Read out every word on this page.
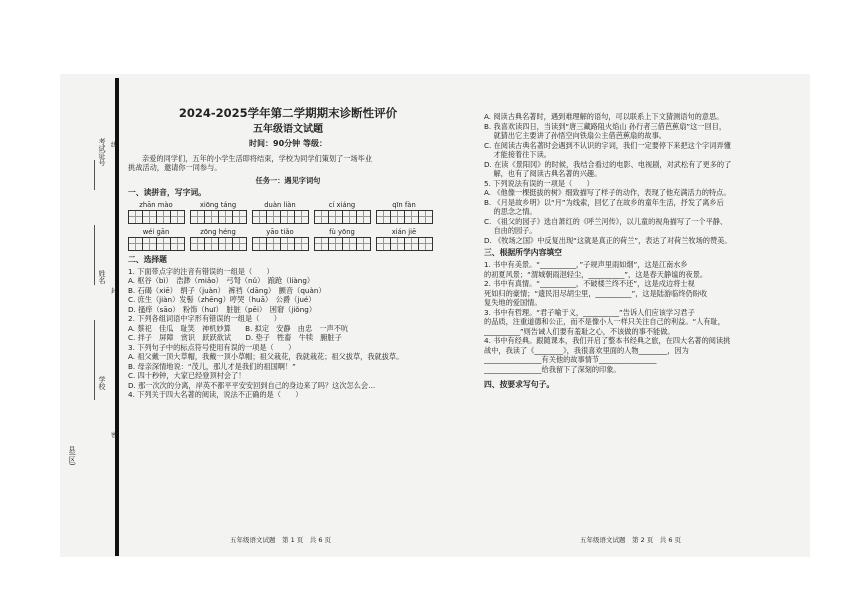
考试证号
姓名
学校
县(区)
线
封
密
2024-2025学年第二学期期末诊断性评价
五年级语文试题
时间：90分钟 等级：
亲爱的同学们，五年的小学生活即将结束，学校为同学们策划了一场毕业
挑战活动，邀请你一同参与。
任务一：遇见字词句
一、读拼音，写字词。
zhān mào	xiōng táng	duàn liàn	cí xiáng	qīn fàn
wéi gān	zōng héng	yāo tiǎo	fù yōng	xián jiē
二、选择题
1. 下面带点字的注音有错误的一组是（　　）
A. 枢谷（bì）　浩渺（miǎo）　弓弩（nǔ）　踉跄（liàng）
B. 石碣（xiē）　绢子（juàn）　裤裆（dāng）　颤音（quàn）
C. 庶生（jiàn）发髻（zhēng）哼哭（huā）　公爵（jué）
D. 搔痒（sāo）　粉饰（huī）　脏脏（pēi）　困窘（jiǒng）
2. 下列各组词语中字形有错误的一组是（　　）
A. 蔡祀　佳瓜　耻笑　神机妙算　　B. 拟定　安静　由忠　一声不吭
C. 拌子　屏障　赏识　跃跃欲试　　D. 垫子　牲畜　牛犊　腑脏子
3. 下列句子中的标点符号使用有误的一项是（　　）
A. 祖父戴一顶大草帽，我戴一顶小草帽；祖父栽花，我就栽花；祖父拔草，我就拔草。
B. 母亲深情地说：“茂儿，那儿才是我们的祖国啊！”
C. 四十秒钟，大家已经登顶村会了！
D. 那一次次的分离，岸英不都平平安安回到自己的身边来了吗？这次怎么会…
4. 下列关于四大名著的阅读，说法不正确的是（　　）
五年级语文试题　第 1 页　共 6 页
A. 阅读古典名著时，遇到难理解的语句，可以联系上下文猜测语句的意思。
B. 我喜欢读四日，当读到“唐三藏路阻火焰山 孙行者三借芭蕉扇”这一回目，
　 就猜出它主要讲了孙悟空向铁扇公主借芭蕉扇的故事。
C. 在阅读古典名著时会遇到不认识的字词，我们一定要停下来把这个字词弄懂
　 才能接着往下读。
D. 在读《景阳冈》的时候，我结合看过的电影、电视剧，对武松有了更多的了
　 解，也有了阅读古典名著的兴趣。
5. 下列说法有误的一项是（　　）
A. 《他像一棵挺拔的树》细致描写了样子的动作，表现了他充满活力的特点。
B. 《月是故乡明》以“月”为线索，回忆了在故乡的童年生活，抒发了离乡后
　 的思念之情。
C. 《祖父的园子》选自萧红的《呼兰河传》，以儿童的视角描写了一个平静、
　 自由的园子。
D. 《牧场之国》中反复出现“这就是真正的荷兰”，表达了对荷兰牧场的赞美。
三、根据所学内容填空
1. 书中有美景。“__________，”子规声里雨如烟”，这是江南水乡
的初夏风景；“渭城朝雨浥轻尘，__________”，这是春天静谧的夜景。
2. 书中有真情。“__________，不破楼兰终不还”，这是戍边将士视
死如归的豪情；“遗民泪尽胡尘里，__________”，这是陆游临终仍盼收
复失地的爱国情。
3. 书中有哲理。“君子喻于义，__________”告诉人们应该学习君子
的品质，注重道德和公正，而不是像小人一样只关注自己的利益。“人有耻，
__________”则告诫人们要有羞耻之心，不该做的事不能做。
4. 书中有经典。跟随课本，我们开启了整本书经典之旅，在四大名著的阅读挑
战中，我读了《________》，我很喜欢里面的人物________，因为
________________有关他的故事情节________________
________________给我留下了深刻的印象。
四、按要求写句子。
五年级语文试题　第 2 页　共 6 页
